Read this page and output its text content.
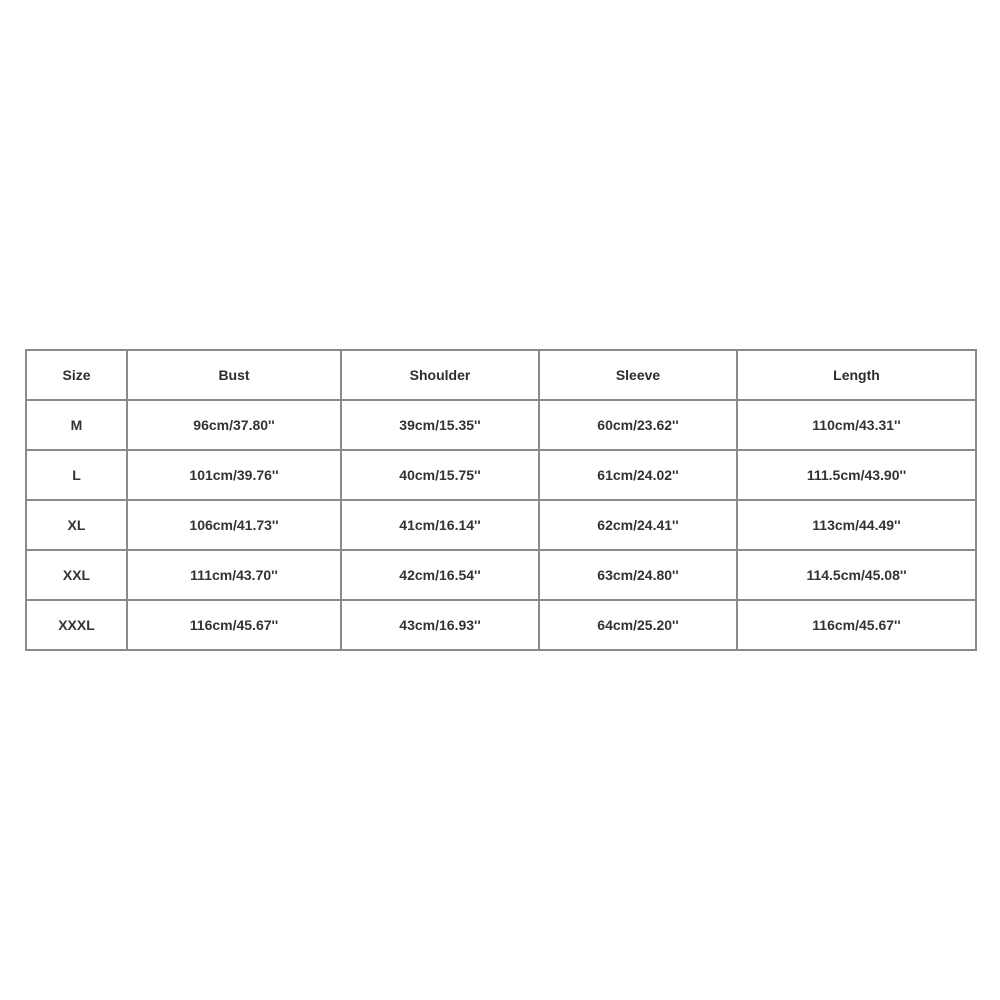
Size	Bust	Shoulder	Sleeve	Length
M	96cm/37.80''	39cm/15.35''	60cm/23.62''	110cm/43.31''
L	101cm/39.76''	40cm/15.75''	61cm/24.02''	111.5cm/43.90''
XL	106cm/41.73''	41cm/16.14''	62cm/24.41''	113cm/44.49''
XXL	111cm/43.70''	42cm/16.54''	63cm/24.80''	114.5cm/45.08''
XXXL	116cm/45.67''	43cm/16.93''	64cm/25.20''	116cm/45.67''
